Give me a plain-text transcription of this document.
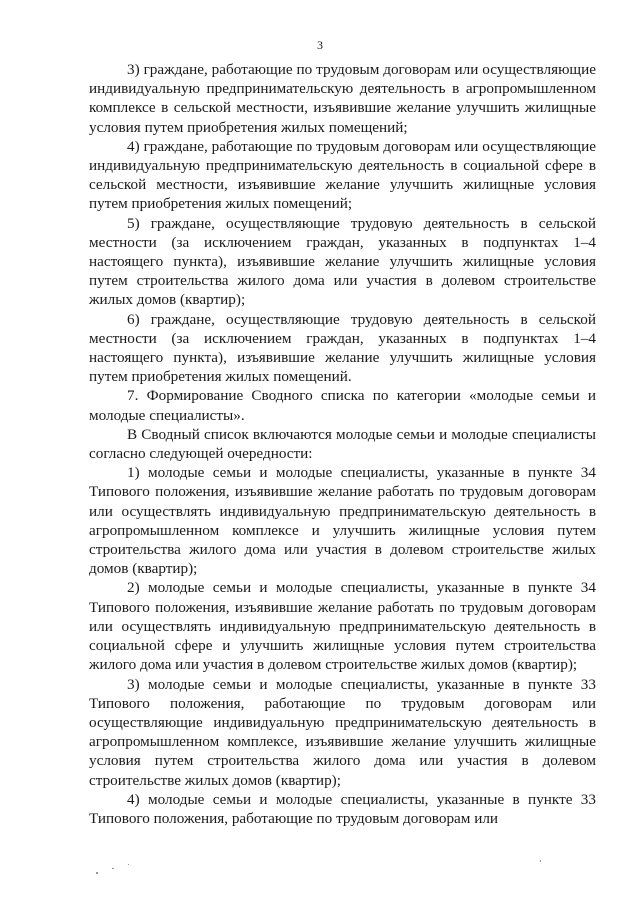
3

3) граждане, работающие по трудовым договорам или осуществляющие индивидуальную предпринимательскую деятельность в агропромышленном комплексе в сельской местности, изъявившие желание улучшить жилищные условия путем приобретения жилых помещений;

4) граждане, работающие по трудовым договорам или осуществляющие индивидуальную предпринимательскую деятельность в социальной сфере в сельской местности, изъявившие желание улучшить жилищные условия путем приобретения жилых помещений;

5) граждане, осуществляющие трудовую деятельность в сельской местности (за исключением граждан, указанных в подпунктах 1–4 настоящего пункта), изъявившие желание улучшить жилищные условия путем строительства жилого дома или участия в долевом строительстве жилых домов (квартир);

6) граждане, осуществляющие трудовую деятельность в сельской местности (за исключением граждан, указанных в подпунктах 1–4 настоящего пункта), изъявившие желание улучшить жилищные условия путем приобретения жилых помещений.

7. Формирование Сводного списка по категории «молодые семьи и молодые специалисты».

В Сводный список включаются молодые семьи и молодые специалисты согласно следующей очередности:

1) молодые семьи и молодые специалисты, указанные в пункте 34 Типового положения, изъявившие желание работать по трудовым договорам или осуществлять индивидуальную предпринимательскую деятельность в агропромышленном комплексе и улучшить жилищные условия путем строительства жилого дома или участия в долевом строительстве жилых домов (квартир);

2) молодые семьи и молодые специалисты, указанные в пункте 34 Типового положения, изъявившие желание работать по трудовым договорам или осуществлять индивидуальную предпринимательскую деятельность в социальной сфере и улучшить жилищные условия путем строительства жилого дома или участия в долевом строительстве жилых домов (квартир);

3) молодые семьи и молодые специалисты, указанные в пункте 33 Типового положения, работающие по трудовым договорам или осуществляющие индивидуальную предпринимательскую деятельность в агропромышленном комплексе, изъявившие желание улучшить жилищные условия путем строительства жилого дома или участия в долевом строительстве жилых домов (квартир);

4) молодые семьи и молодые специалисты, указанные в пункте 33 Типового положения, работающие по трудовым договорам или
